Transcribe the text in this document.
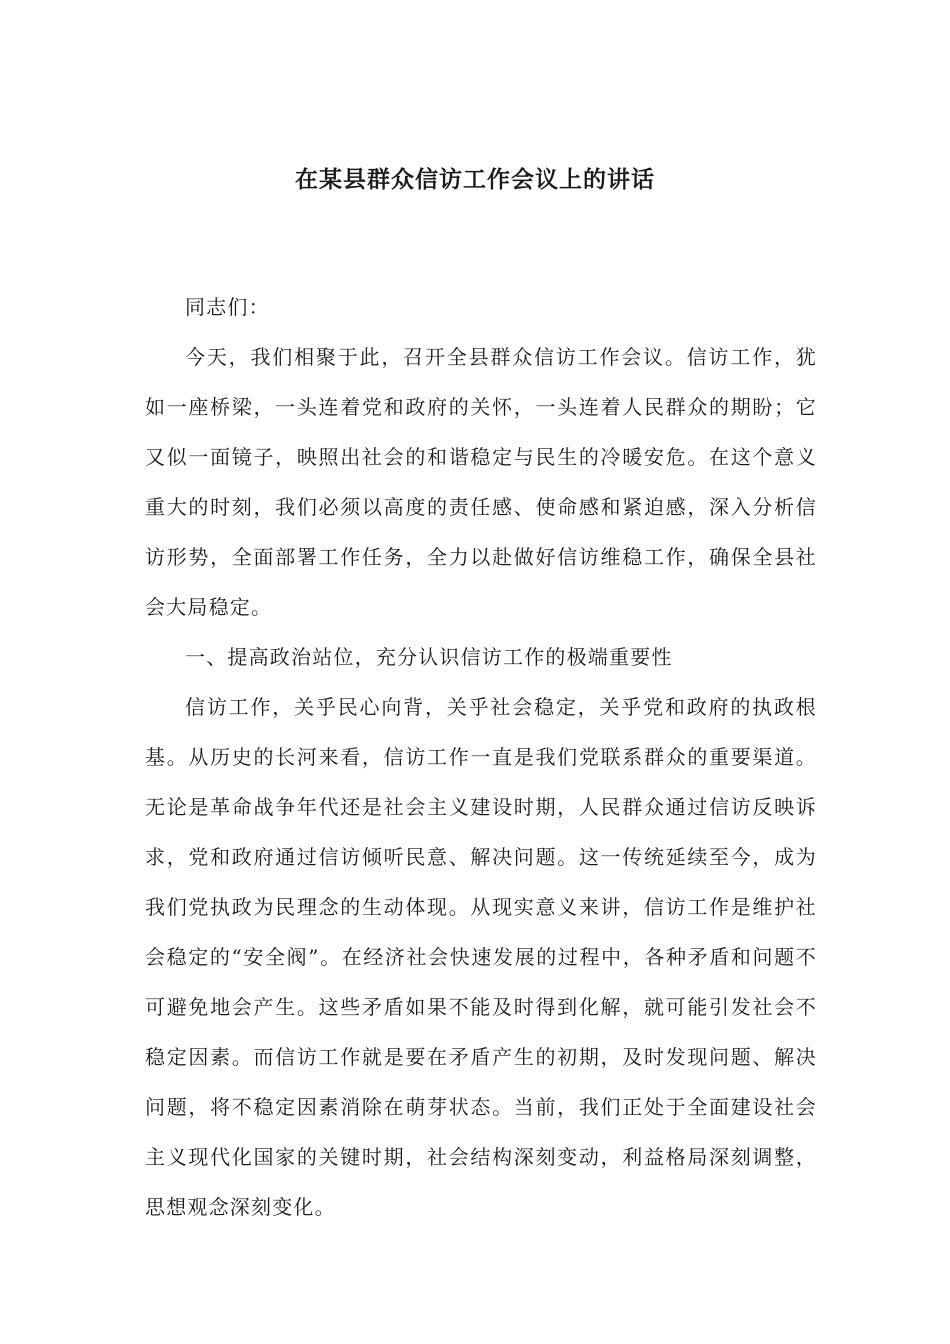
在某县群众信访工作会议上的讲话

同志们：

今天，我们相聚于此，召开全县群众信访工作会议。信访工作，犹如一座桥梁，一头连着党和政府的关怀，一头连着人民群众的期盼；它又似一面镜子，映照出社会的和谐稳定与民生的冷暖安危。在这个意义重大的时刻，我们必须以高度的责任感、使命感和紧迫感，深入分析信访形势，全面部署工作任务，全力以赴做好信访维稳工作，确保全县社会大局稳定。

一、提高政治站位，充分认识信访工作的极端重要性

信访工作，关乎民心向背，关乎社会稳定，关乎党和政府的执政根基。从历史的长河来看，信访工作一直是我们党联系群众的重要渠道。无论是革命战争年代还是社会主义建设时期，人民群众通过信访反映诉求，党和政府通过信访倾听民意、解决问题。这一传统延续至今，成为我们党执政为民理念的生动体现。从现实意义来讲，信访工作是维护社会稳定的“安全阀”。在经济社会快速发展的过程中，各种矛盾和问题不可避免地会产生。这些矛盾如果不能及时得到化解，就可能引发社会不稳定因素。而信访工作就是要在矛盾产生的初期，及时发现问题、解决问题，将不稳定因素消除在萌芽状态。当前，我们正处于全面建设社会主义现代化国家的关键时期，社会结构深刻变动，利益格局深刻调整，思想观念深刻变化。
